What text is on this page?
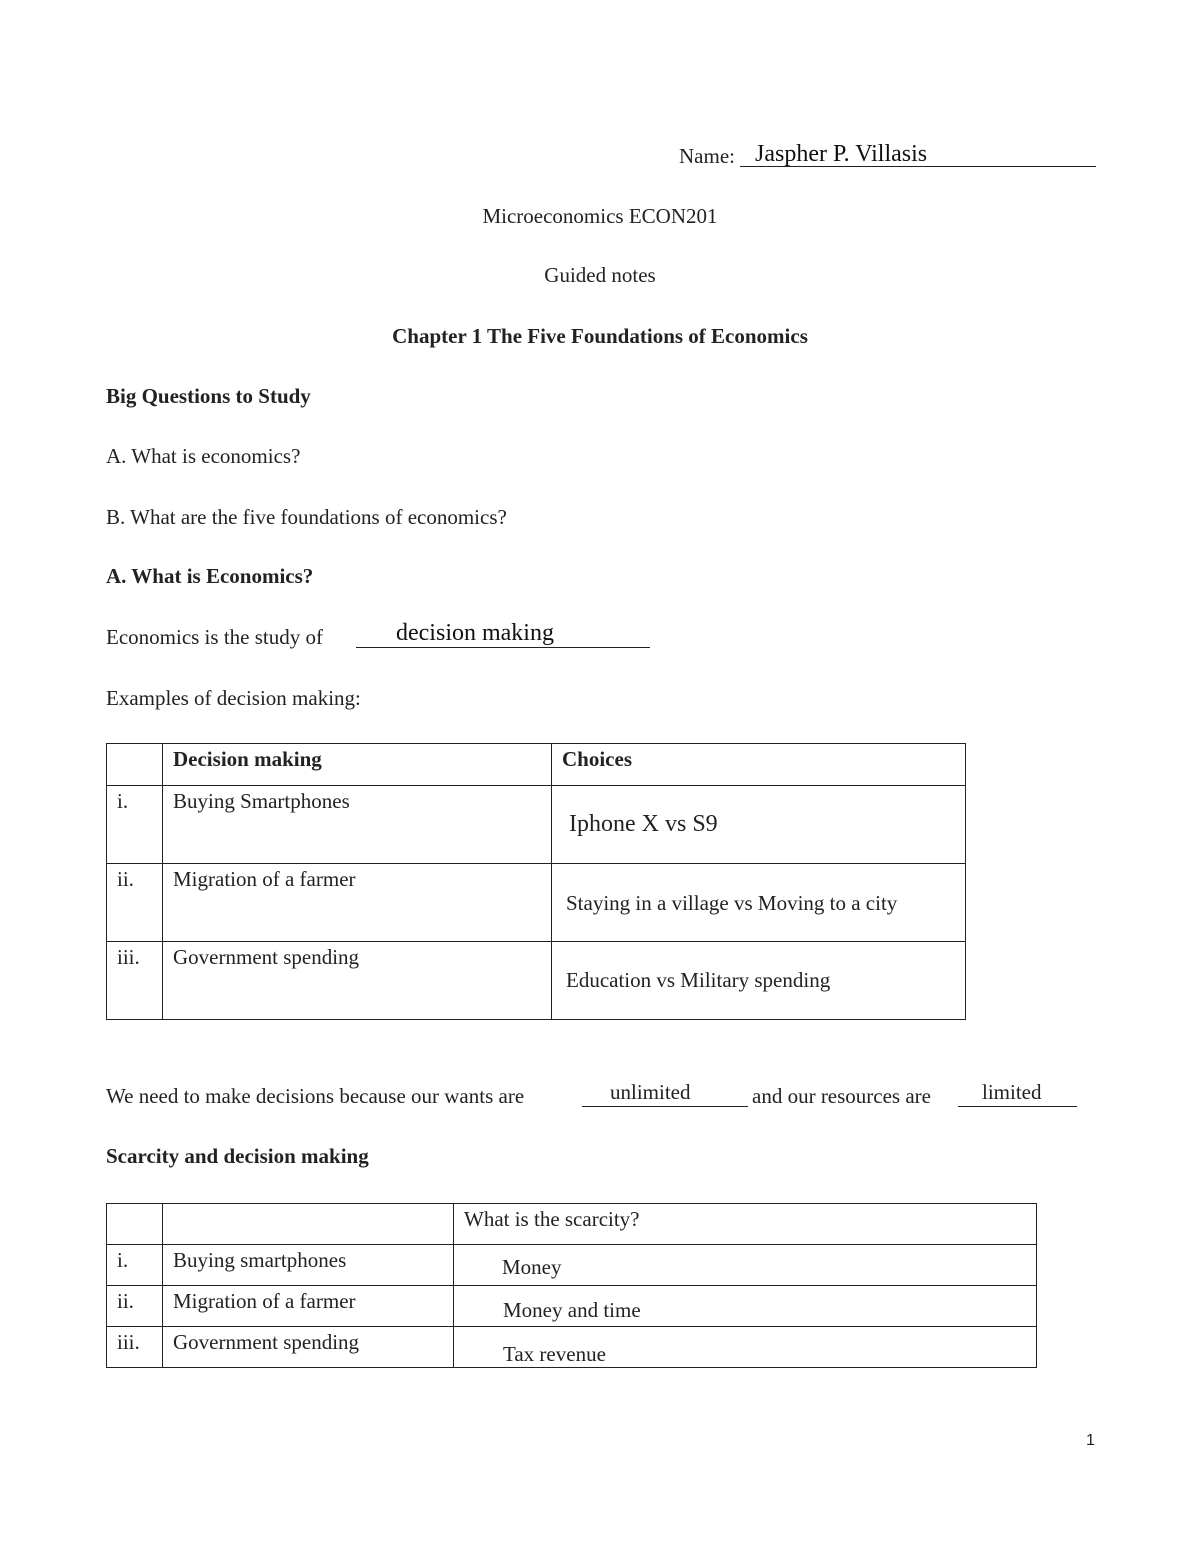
Name: Jaspher P. Villasis
Microeconomics ECON201
Guided notes
Chapter 1 The Five Foundations of Economics
Big Questions to Study
A. What is economics?
B. What are the five foundations of economics?
A. What is Economics?
Economics is the study of	decision making
Examples of decision making:

	Decision making	Choices

i.	Buying Smartphones	Iphone X vs S9

ii.	Migration of a farmer	Staying in a village vs Moving to a city

iii.	Government spending	Education vs Military spending
We need to make decisions because our wants are	unlimited	and our resources are limited
Scarcity and decision making

		What is the scarcity?

i.	Buying smartphones	Money

ii.	Migration of a farmer	Money and time

iii.	Government spending	Tax revenue
1
